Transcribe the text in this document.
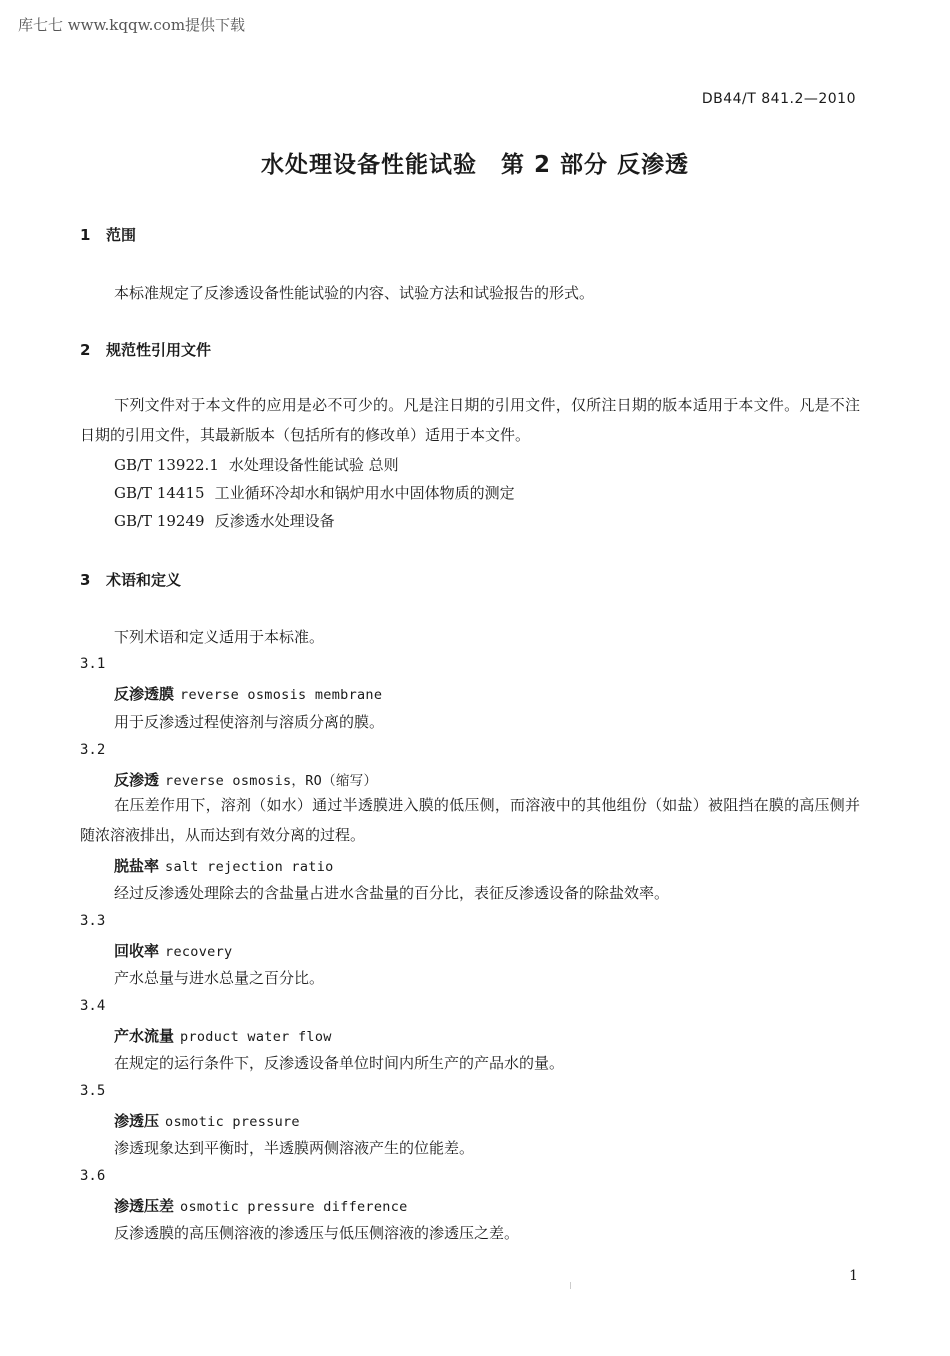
库七七 www.kqqw.com提供下载
DB44/T 841.2—2010
水处理设备性能试验　第 2 部分 反渗透
1 范围
本标准规定了反渗透设备性能试验的内容、试验方法和试验报告的形式。
2 规范性引用文件
下列文件对于本文件的应用是必不可少的。凡是注日期的引用文件，仅所注日期的版本适用于本文件。凡是不注日期的引用文件，其最新版本（包括所有的修改单）适用于本文件。
GB/T 13922.1 水处理设备性能试验 总则
GB/T 14415 工业循环冷却水和锅炉用水中固体物质的测定
GB/T 19249 反渗透水处理设备
3 术语和定义
下列术语和定义适用于本标准。
3.1
反渗透膜 reverse osmosis membrane
用于反渗透过程使溶剂与溶质分离的膜。
3.2
反渗透 reverse osmosis，RO（缩写）
在压差作用下，溶剂（如水）通过半透膜进入膜的低压侧，而溶液中的其他组份（如盐）被阻挡在膜的高压侧并随浓溶液排出，从而达到有效分离的过程。
脱盐率 salt rejection ratio
经过反渗透处理除去的含盐量占进水含盐量的百分比，表征反渗透设备的除盐效率。
3.3
回收率 recovery
产水总量与进水总量之百分比。
3.4
产水流量 product water flow
在规定的运行条件下，反渗透设备单位时间内所生产的产品水的量。
3.5
渗透压 osmotic pressure
渗透现象达到平衡时，半透膜两侧溶液产生的位能差。
3.6
渗透压差 osmotic pressure difference
反渗透膜的高压侧溶液的渗透压与低压侧溶液的渗透压之差。
1
